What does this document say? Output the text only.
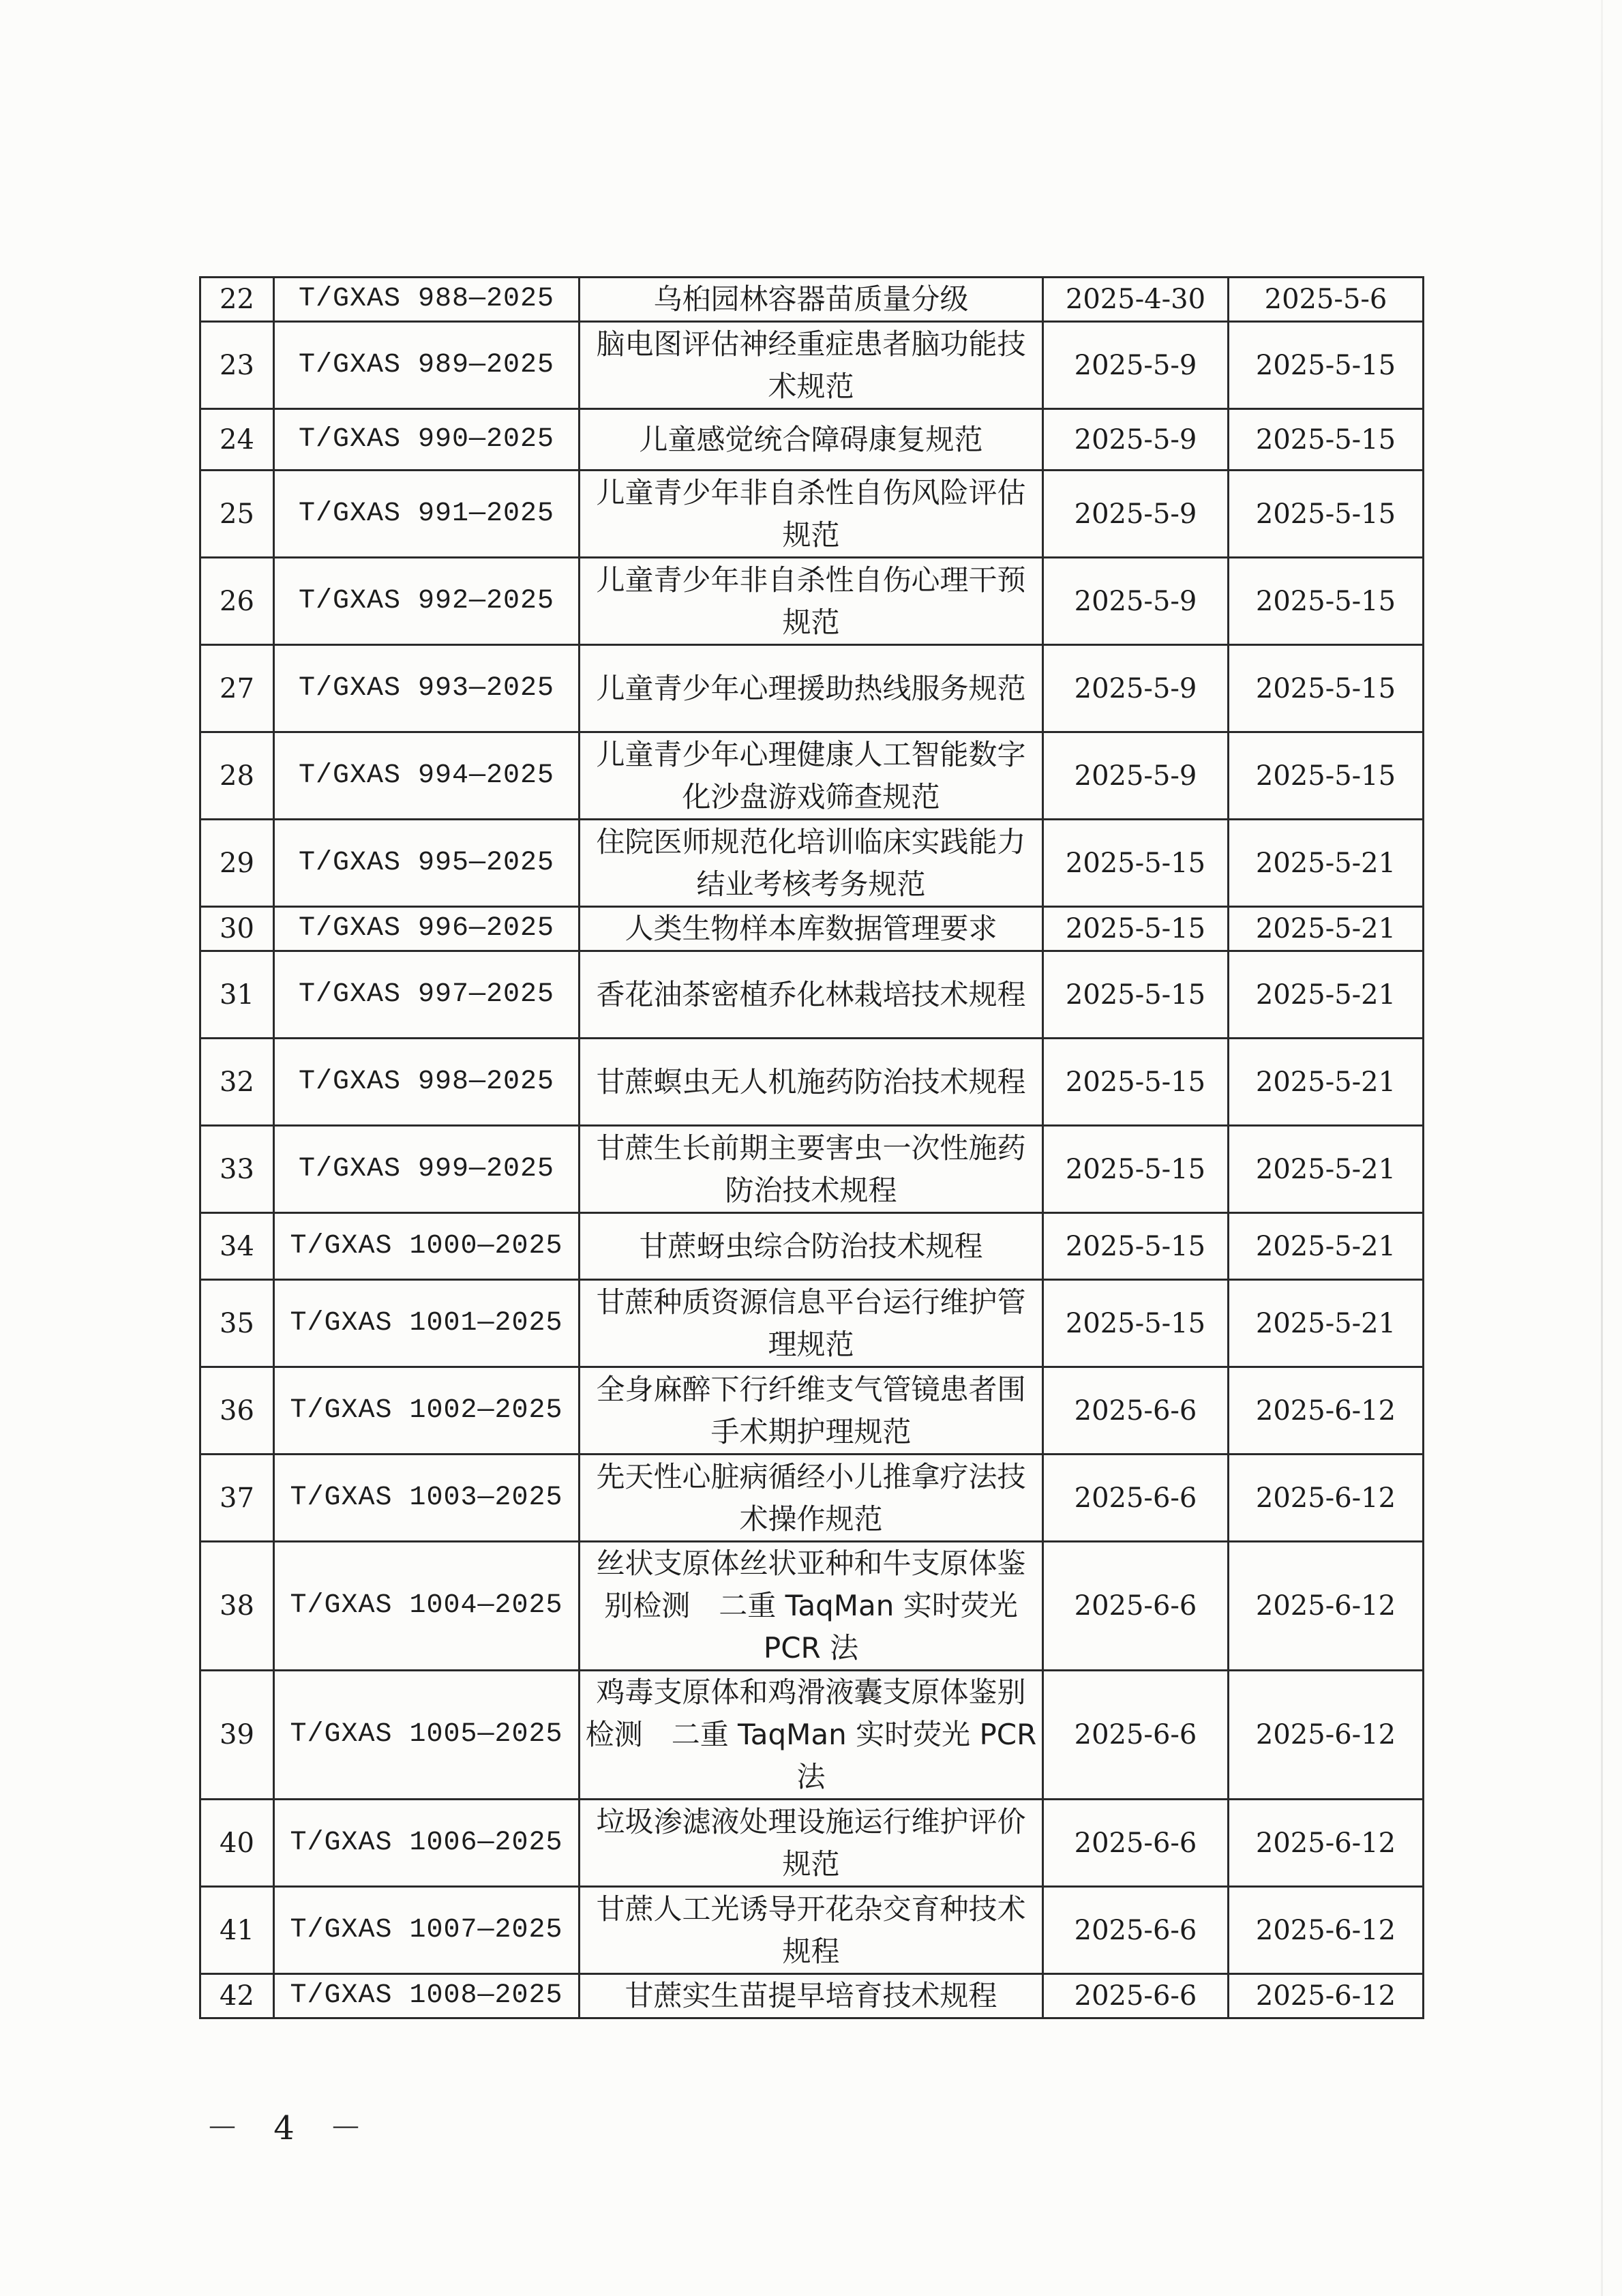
22	T/GXAS 988—2025	乌桕园林容器苗质量分级	2025-4-30	2025-5-6
23	T/GXAS 989—2025	脑电图评估神经重症患者脑功能技术规范	2025-5-9	2025-5-15
24	T/GXAS 990—2025	儿童感觉统合障碍康复规范	2025-5-9	2025-5-15
25	T/GXAS 991—2025	儿童青少年非自杀性自伤风险评估规范	2025-5-9	2025-5-15
26	T/GXAS 992—2025	儿童青少年非自杀性自伤心理干预规范	2025-5-9	2025-5-15
27	T/GXAS 993—2025	儿童青少年心理援助热线服务规范	2025-5-9	2025-5-15
28	T/GXAS 994—2025	儿童青少年心理健康人工智能数字化沙盘游戏筛查规范	2025-5-9	2025-5-15
29	T/GXAS 995—2025	住院医师规范化培训临床实践能力结业考核考务规范	2025-5-15	2025-5-21
30	T/GXAS 996—2025	人类生物样本库数据管理要求	2025-5-15	2025-5-21
31	T/GXAS 997—2025	香花油茶密植乔化林栽培技术规程	2025-5-15	2025-5-21
32	T/GXAS 998—2025	甘蔗螟虫无人机施药防治技术规程	2025-5-15	2025-5-21
33	T/GXAS 999—2025	甘蔗生长前期主要害虫一次性施药防治技术规程	2025-5-15	2025-5-21
34	T/GXAS 1000—2025	甘蔗蚜虫综合防治技术规程	2025-5-15	2025-5-21
35	T/GXAS 1001—2025	甘蔗种质资源信息平台运行维护管理规范	2025-5-15	2025-5-21
36	T/GXAS 1002—2025	全身麻醉下行纤维支气管镜患者围手术期护理规范	2025-6-6	2025-6-12
37	T/GXAS 1003—2025	先天性心脏病循经小儿推拿疗法技术操作规范	2025-6-6	2025-6-12
38	T/GXAS 1004—2025	丝状支原体丝状亚种和牛支原体鉴别检测　二重 TaqMan 实时荧光 PCR 法	2025-6-6	2025-6-12
39	T/GXAS 1005—2025	鸡毒支原体和鸡滑液囊支原体鉴别检测　二重 TaqMan 实时荧光 PCR 法	2025-6-6	2025-6-12
40	T/GXAS 1006—2025	垃圾渗滤液处理设施运行维护评价规范	2025-6-6	2025-6-12
41	T/GXAS 1007—2025	甘蔗人工光诱导开花杂交育种技术规程	2025-6-6	2025-6-12
42	T/GXAS 1008—2025	甘蔗实生苗提早培育技术规程	2025-6-6	2025-6-12
－ 4 －
